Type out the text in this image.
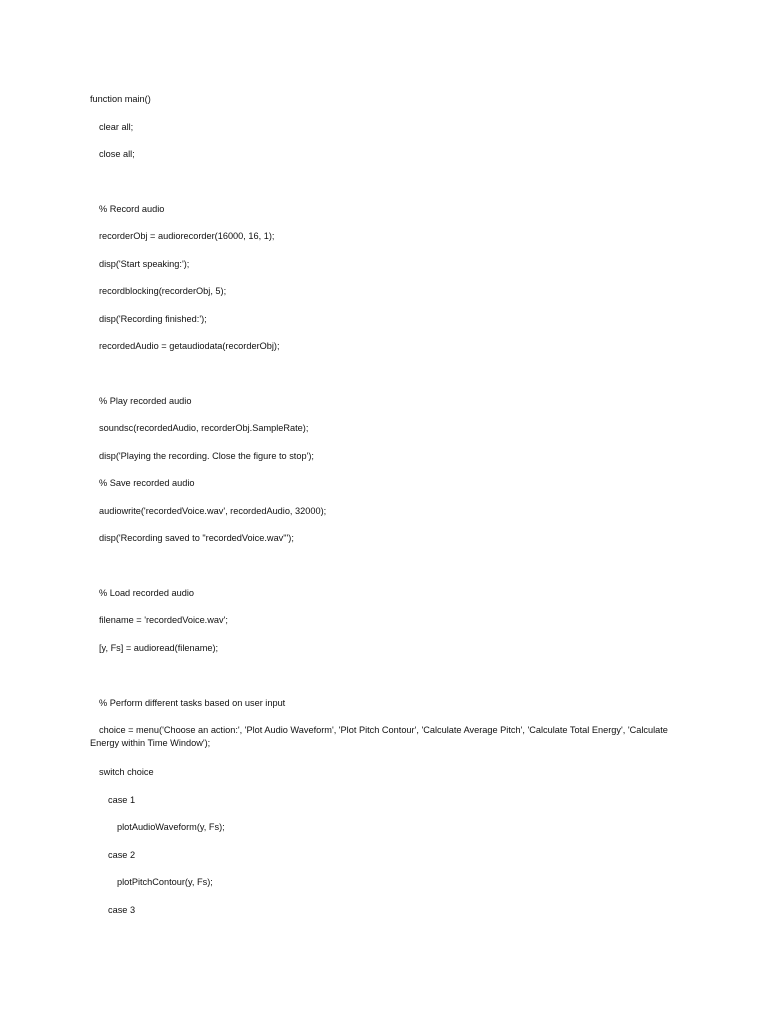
function main()

clear all;

close all;

% Record audio

recorderObj = audiorecorder(16000, 16, 1);

disp('Start speaking:');

recordblocking(recorderObj, 5);

disp('Recording finished:');

recordedAudio = getaudiodata(recorderObj);

% Play recorded audio

soundsc(recordedAudio, recorderObj.SampleRate);

disp('Playing the recording. Close the figure to stop');

% Save recorded audio

audiowrite('recordedVoice.wav', recordedAudio, 32000);

disp('Recording saved to "recordedVoice.wav"');

% Load recorded audio

filename = 'recordedVoice.wav';

[y, Fs] = audioread(filename);

% Perform different tasks based on user input

choice = menu('Choose an action:', 'Plot Audio Waveform', 'Plot Pitch Contour', 'Calculate Average Pitch', 'Calculate Total Energy', 'Calculate Energy within Time Window');

switch choice

case 1

plotAudioWaveform(y, Fs);

case 2

plotPitchContour(y, Fs);

case 3
